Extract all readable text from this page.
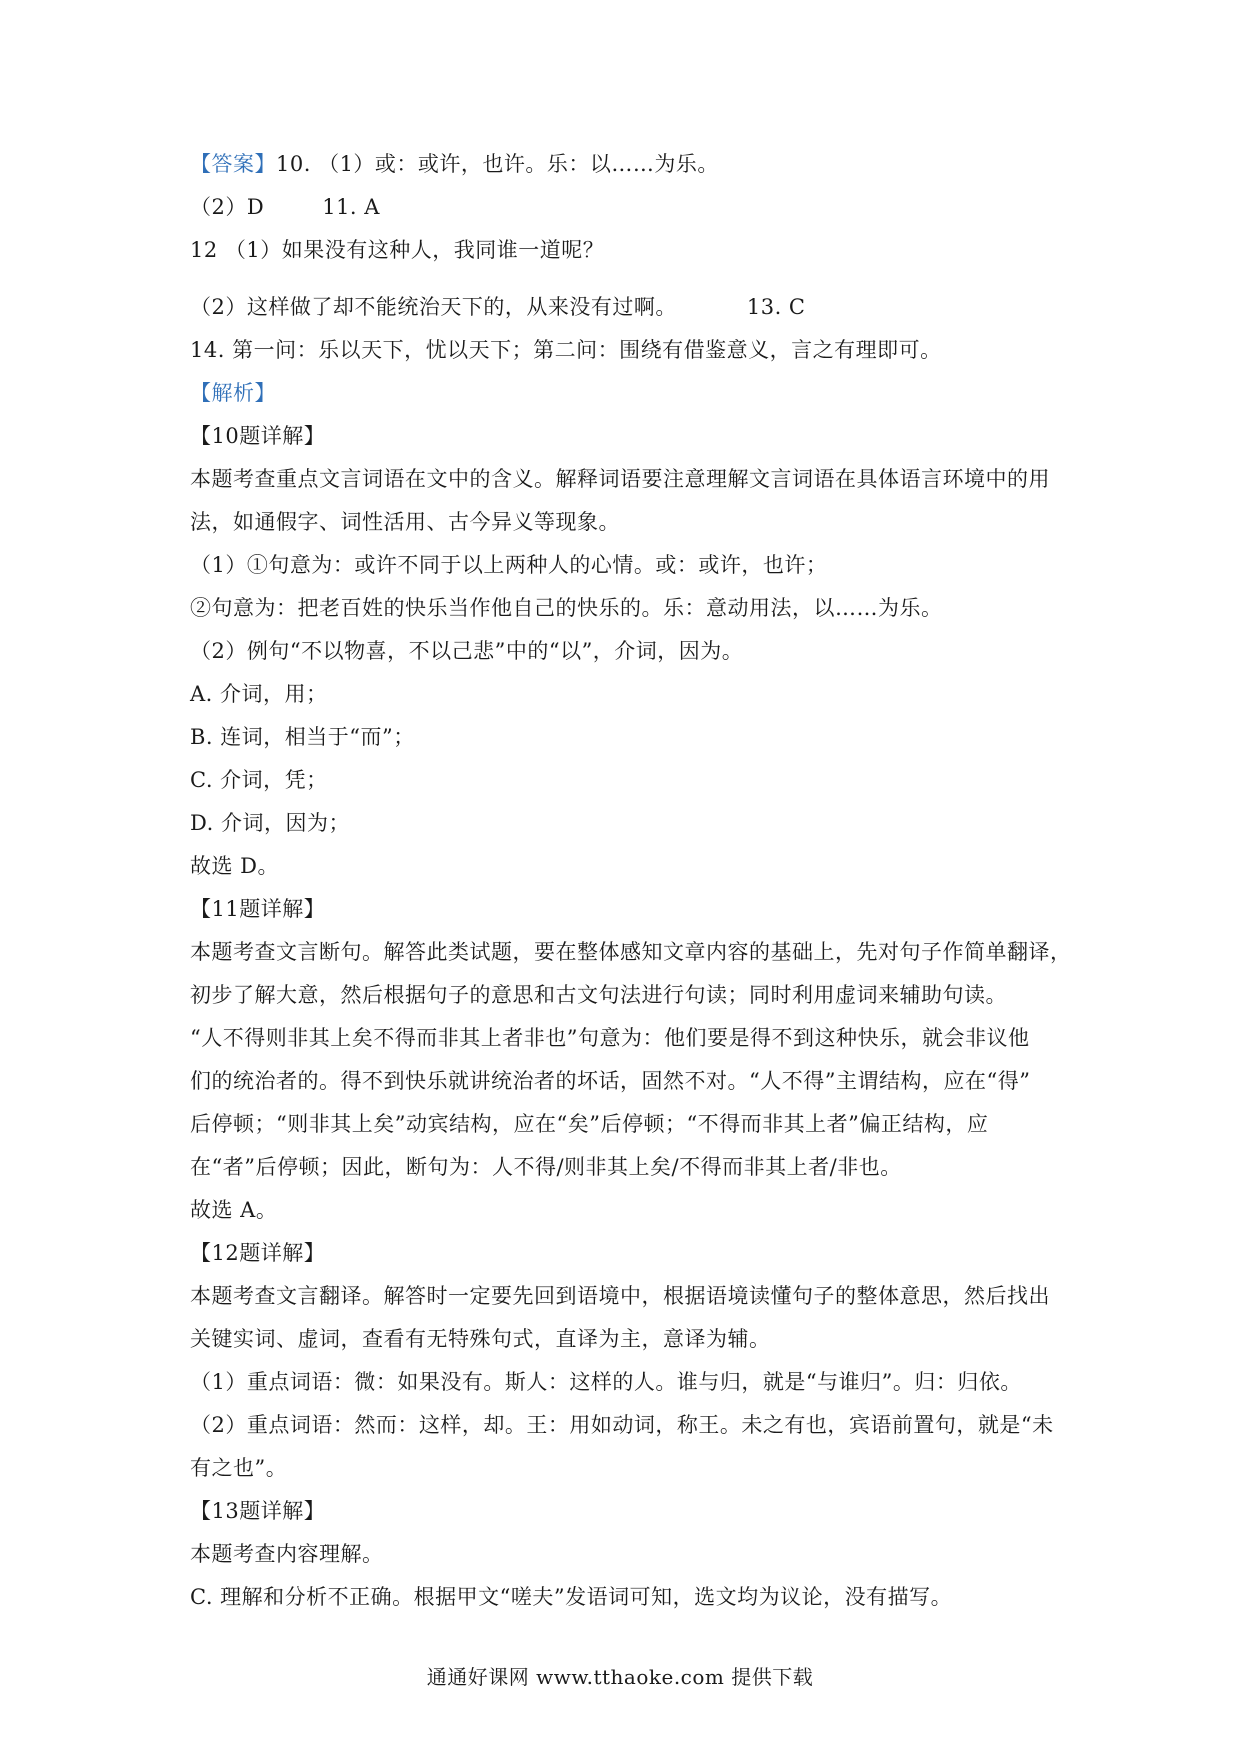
【答案】10. （1）或：或许，也许。乐：以……为乐。
（2）D	11. A
12 （1）如果没有这种人，我同谁一道呢？
（2）这样做了却不能统治天下的，从来没有过啊。	13. C
14. 第一问：乐以天下，忧以天下；第二问：围绕有借鉴意义，言之有理即可。
【解析】
【10题详解】
本题考查重点文言词语在文中的含义。解释词语要注意理解文言词语在具体语言环境中的用
法，如通假字、词性活用、古今异义等现象。
（1）①句意为：或许不同于以上两种人的心情。或：或许，也许；
②句意为：把老百姓的快乐当作他自己的快乐的。乐：意动用法，以……为乐。
（2）例句“不以物喜，不以己悲”中的“以”，介词，因为。
A. 介词，用；
B. 连词，相当于“而”；
C. 介词，凭；
D. 介词，因为；
故选 D。
【11题详解】
本题考查文言断句。解答此类试题，要在整体感知文章内容的基础上，先对句子作简单翻译，
初步了解大意，然后根据句子的意思和古文句法进行句读；同时利用虚词来辅助句读。
“人不得则非其上矣不得而非其上者非也”句意为：他们要是得不到这种快乐，就会非议他
们的统治者的。得不到快乐就讲统治者的坏话，固然不对。“人不得”主谓结构，应在“得”
后停顿；“则非其上矣”动宾结构，应在“矣”后停顿；“不得而非其上者”偏正结构，应
在“者”后停顿；因此，断句为：人不得/则非其上矣/不得而非其上者/非也。
故选 A。
【12题详解】
本题考查文言翻译。解答时一定要先回到语境中，根据语境读懂句子的整体意思，然后找出
关键实词、虚词，查看有无特殊句式，直译为主，意译为辅。
（1）重点词语：微：如果没有。斯人：这样的人。谁与归，就是“与谁归”。归：归依。
（2）重点词语：然而：这样，却。王：用如动词，称王。未之有也，宾语前置句，就是“未
有之也”。
【13题详解】
本题考查内容理解。
C. 理解和分析不正确。根据甲文“嗟夫”发语词可知，选文均为议论，没有描写。
通通好课网 www.tthaoke.com 提供下载
